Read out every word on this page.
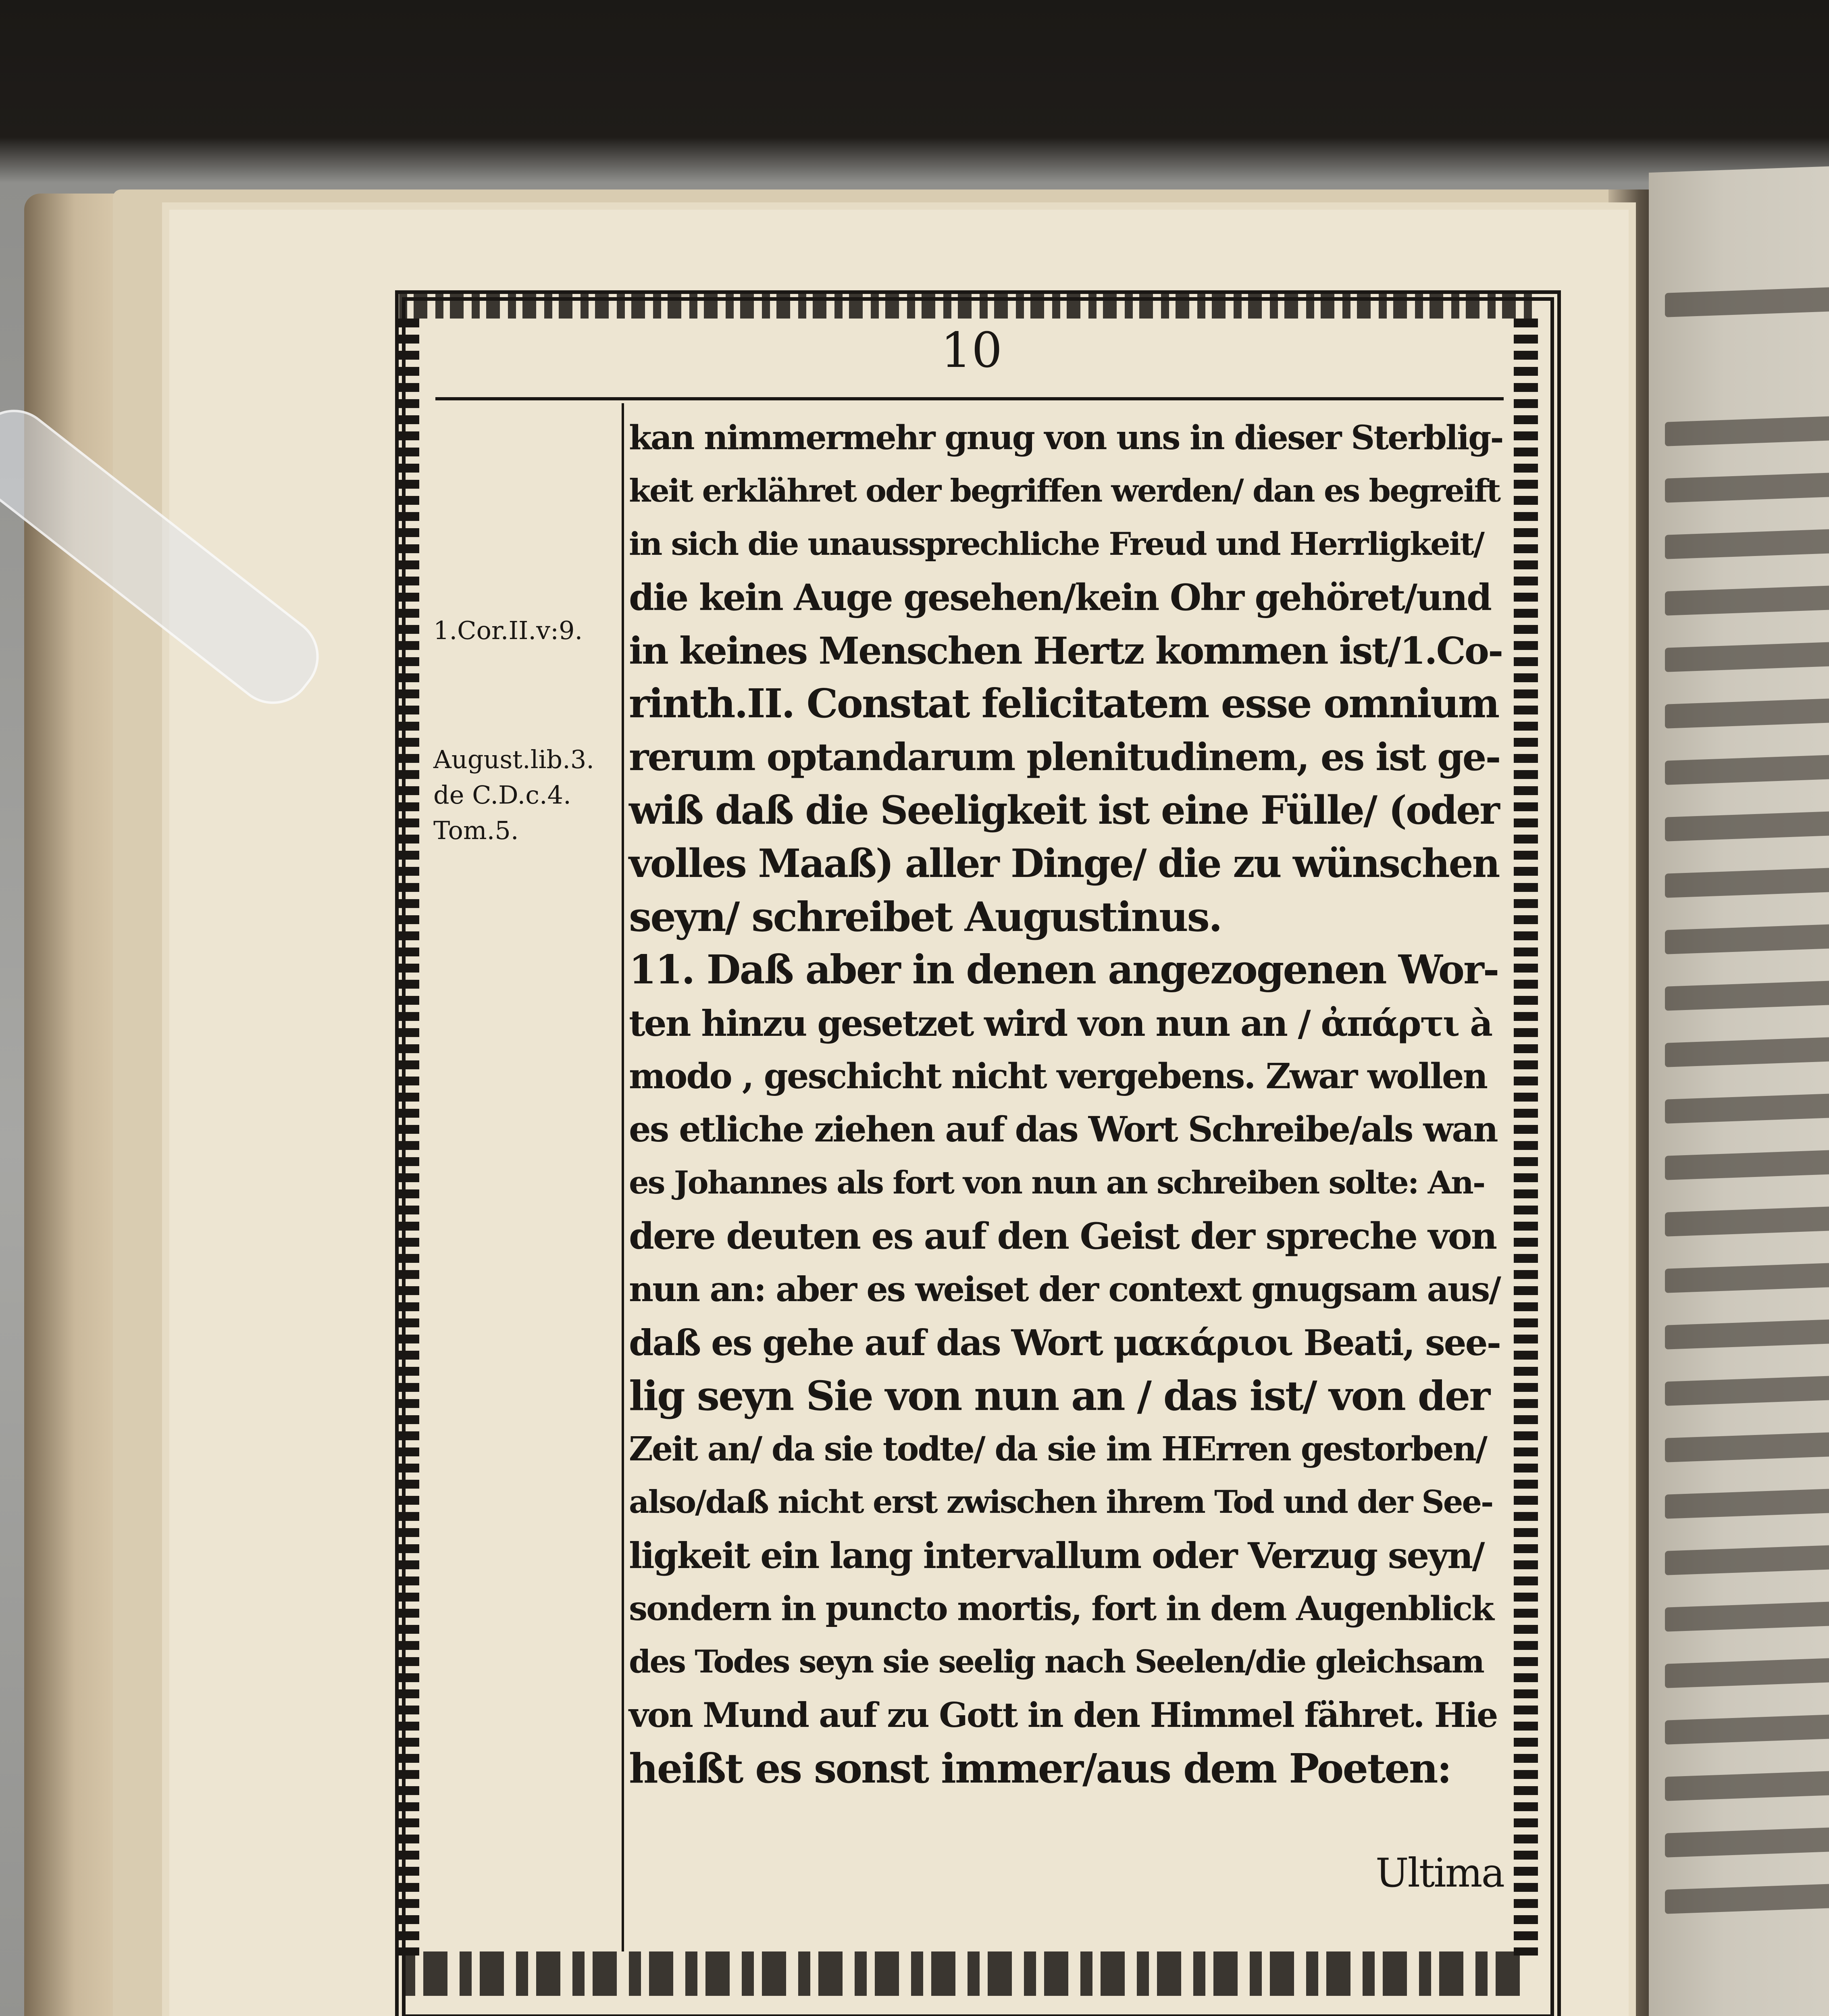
10
1.Cor.II.v:9.
August.lib.3.
de C.D.c.4.
Tom.5.
kan nimmermehr gnug von uns in dieser Sterblig-
keit erklähret oder begriffen werden/ dan es begreift
in sich die unaussprechliche Freud und Herrligkeit/
die kein Auge gesehen/kein Ohr gehöret/und
in keines Menschen Hertz kommen ist/1.Co-
rinth.II. Constat felicitatem esse omnium
rerum optandarum plenitudinem, es ist ge-
wiß daß die Seeligkeit ist eine Fülle/ (oder
volles Maaß) aller Dinge/ die zu wünschen
seyn/ schreibet Augustinus.
11. Daß aber in denen angezogenen Wor-
ten hinzu gesetzet wird von nun an / ἀπάρτι à
modo , geschicht nicht vergebens. Zwar wollen
es etliche ziehen auf das Wort Schreibe/als wan
es Johannes als fort von nun an schreiben solte: An-
dere deuten es auf den Geist der spreche von
nun an: aber es weiset der context gnugsam aus/
daß es gehe auf das Wort μακάριοι Beati, see-
lig seyn Sie von nun an / das ist/ von der
Zeit an/ da sie todte/ da sie im HErren gestorben/
also/daß nicht erst zwischen ihrem Tod und der See-
ligkeit ein lang intervallum oder Verzug seyn/
sondern in puncto mortis, fort in dem Augenblick
des Todes seyn sie seelig nach Seelen/die gleichsam
von Mund auf zu Gott in den Himmel fähret. Hie
heißt es sonst immer/aus dem Poeten:
Ultima
